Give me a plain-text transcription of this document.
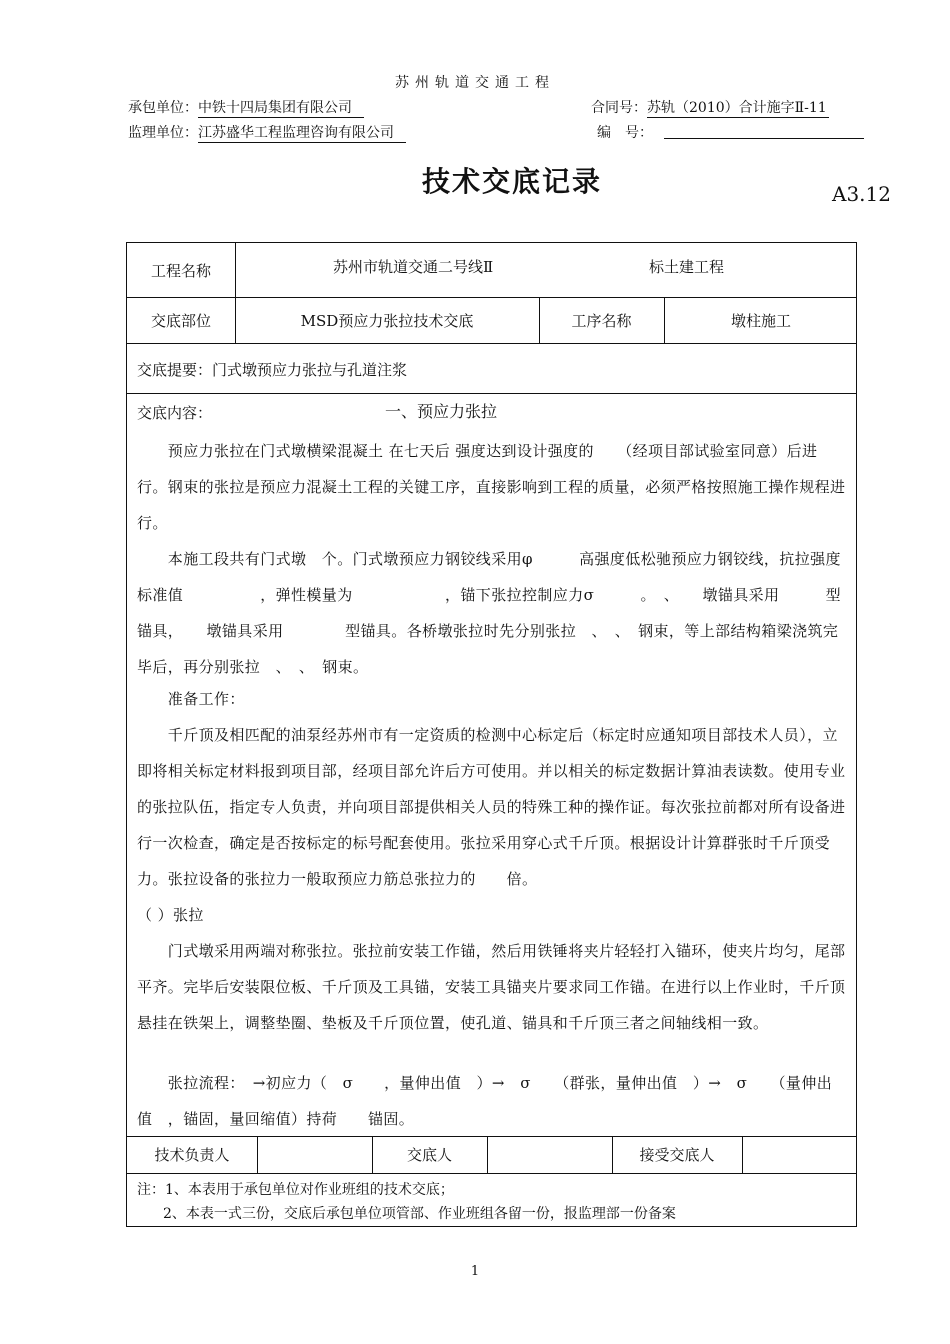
苏州轨道交通工程
承包单位：中铁十四局集团有限公司	合同号：苏轨（2010）合计施字Ⅱ-11
监理单位：江苏盛华工程监理咨询有限公司	编　号：
技术交底记录	A3.12
工程名称	苏州市轨道交通二号线Ⅱ	标土建工程
交底部位	MSD预应力张拉技术交底	工序名称	墩柱施工
交底提要：门式墩预应力张拉与孔道注浆
交底内容：	一、预应力张拉
　　预应力张拉在门式墩横梁混凝土 在七天后 强度达到设计强度的　　（经项目部试验室同意）后进行。钢束的张拉是预应力混凝土工程的关键工序，直接影响到工程的质量，必须严格按照施工操作规程进行。
　　本施工段共有门式墩　个。门式墩预应力钢铰线采用φ　　　高强度低松驰预应力钢铰线，抗拉强度标准值　　　　　，弹性模量为　　　　　　，锚下张拉控制应力σ　　　。　、　　墩锚具采用　　　型锚具，　　墩锚具采用　　　　型锚具。各桥墩张拉时先分别张拉　、　、　钢束，等上部结构箱梁浇筑完毕后，再分别张拉　、　、　钢束。
　　准备工作：
　　千斤顶及相匹配的油泵经苏州市有一定资质的检测中心标定后（标定时应通知项目部技术人员），立即将相关标定材料报到项目部，经项目部允许后方可使用。并以相关的标定数据计算油表读数。使用专业的张拉队伍，指定专人负责，并向项目部提供相关人员的特殊工种的操作证。每次张拉前都对所有设备进行一次检查，确定是否按标定的标号配套使用。张拉采用穿心式千斤顶。根据设计计算群张时千斤顶受力。张拉设备的张拉力一般取预应力筋总张拉力的　　倍。
（ ）张拉
　　门式墩采用两端对称张拉。张拉前安装工作锚，然后用铁锤将夹片轻轻打入锚环，使夹片均匀，尾部平齐。完毕后安装限位板、千斤顶及工具锚，安装工具锚夹片要求同工作锚。在进行以上作业时，千斤顶悬挂在铁架上，调整垫圈、垫板及千斤顶位置，使孔道、锚具和千斤顶三者之间轴线相一致。
　　张拉流程：　→初应力（　σ　　，量伸出值　）→　σ　　（群张，量伸出值　）→　σ　　（量伸出值　，锚固，量回缩值）持荷　　锚固。
技术负责人	交底人	接受交底人
注：1、本表用于承包单位对作业班组的技术交底；
2、本表一式三份，交底后承包单位项管部、作业班组各留一份，报监理部一份备案
1
